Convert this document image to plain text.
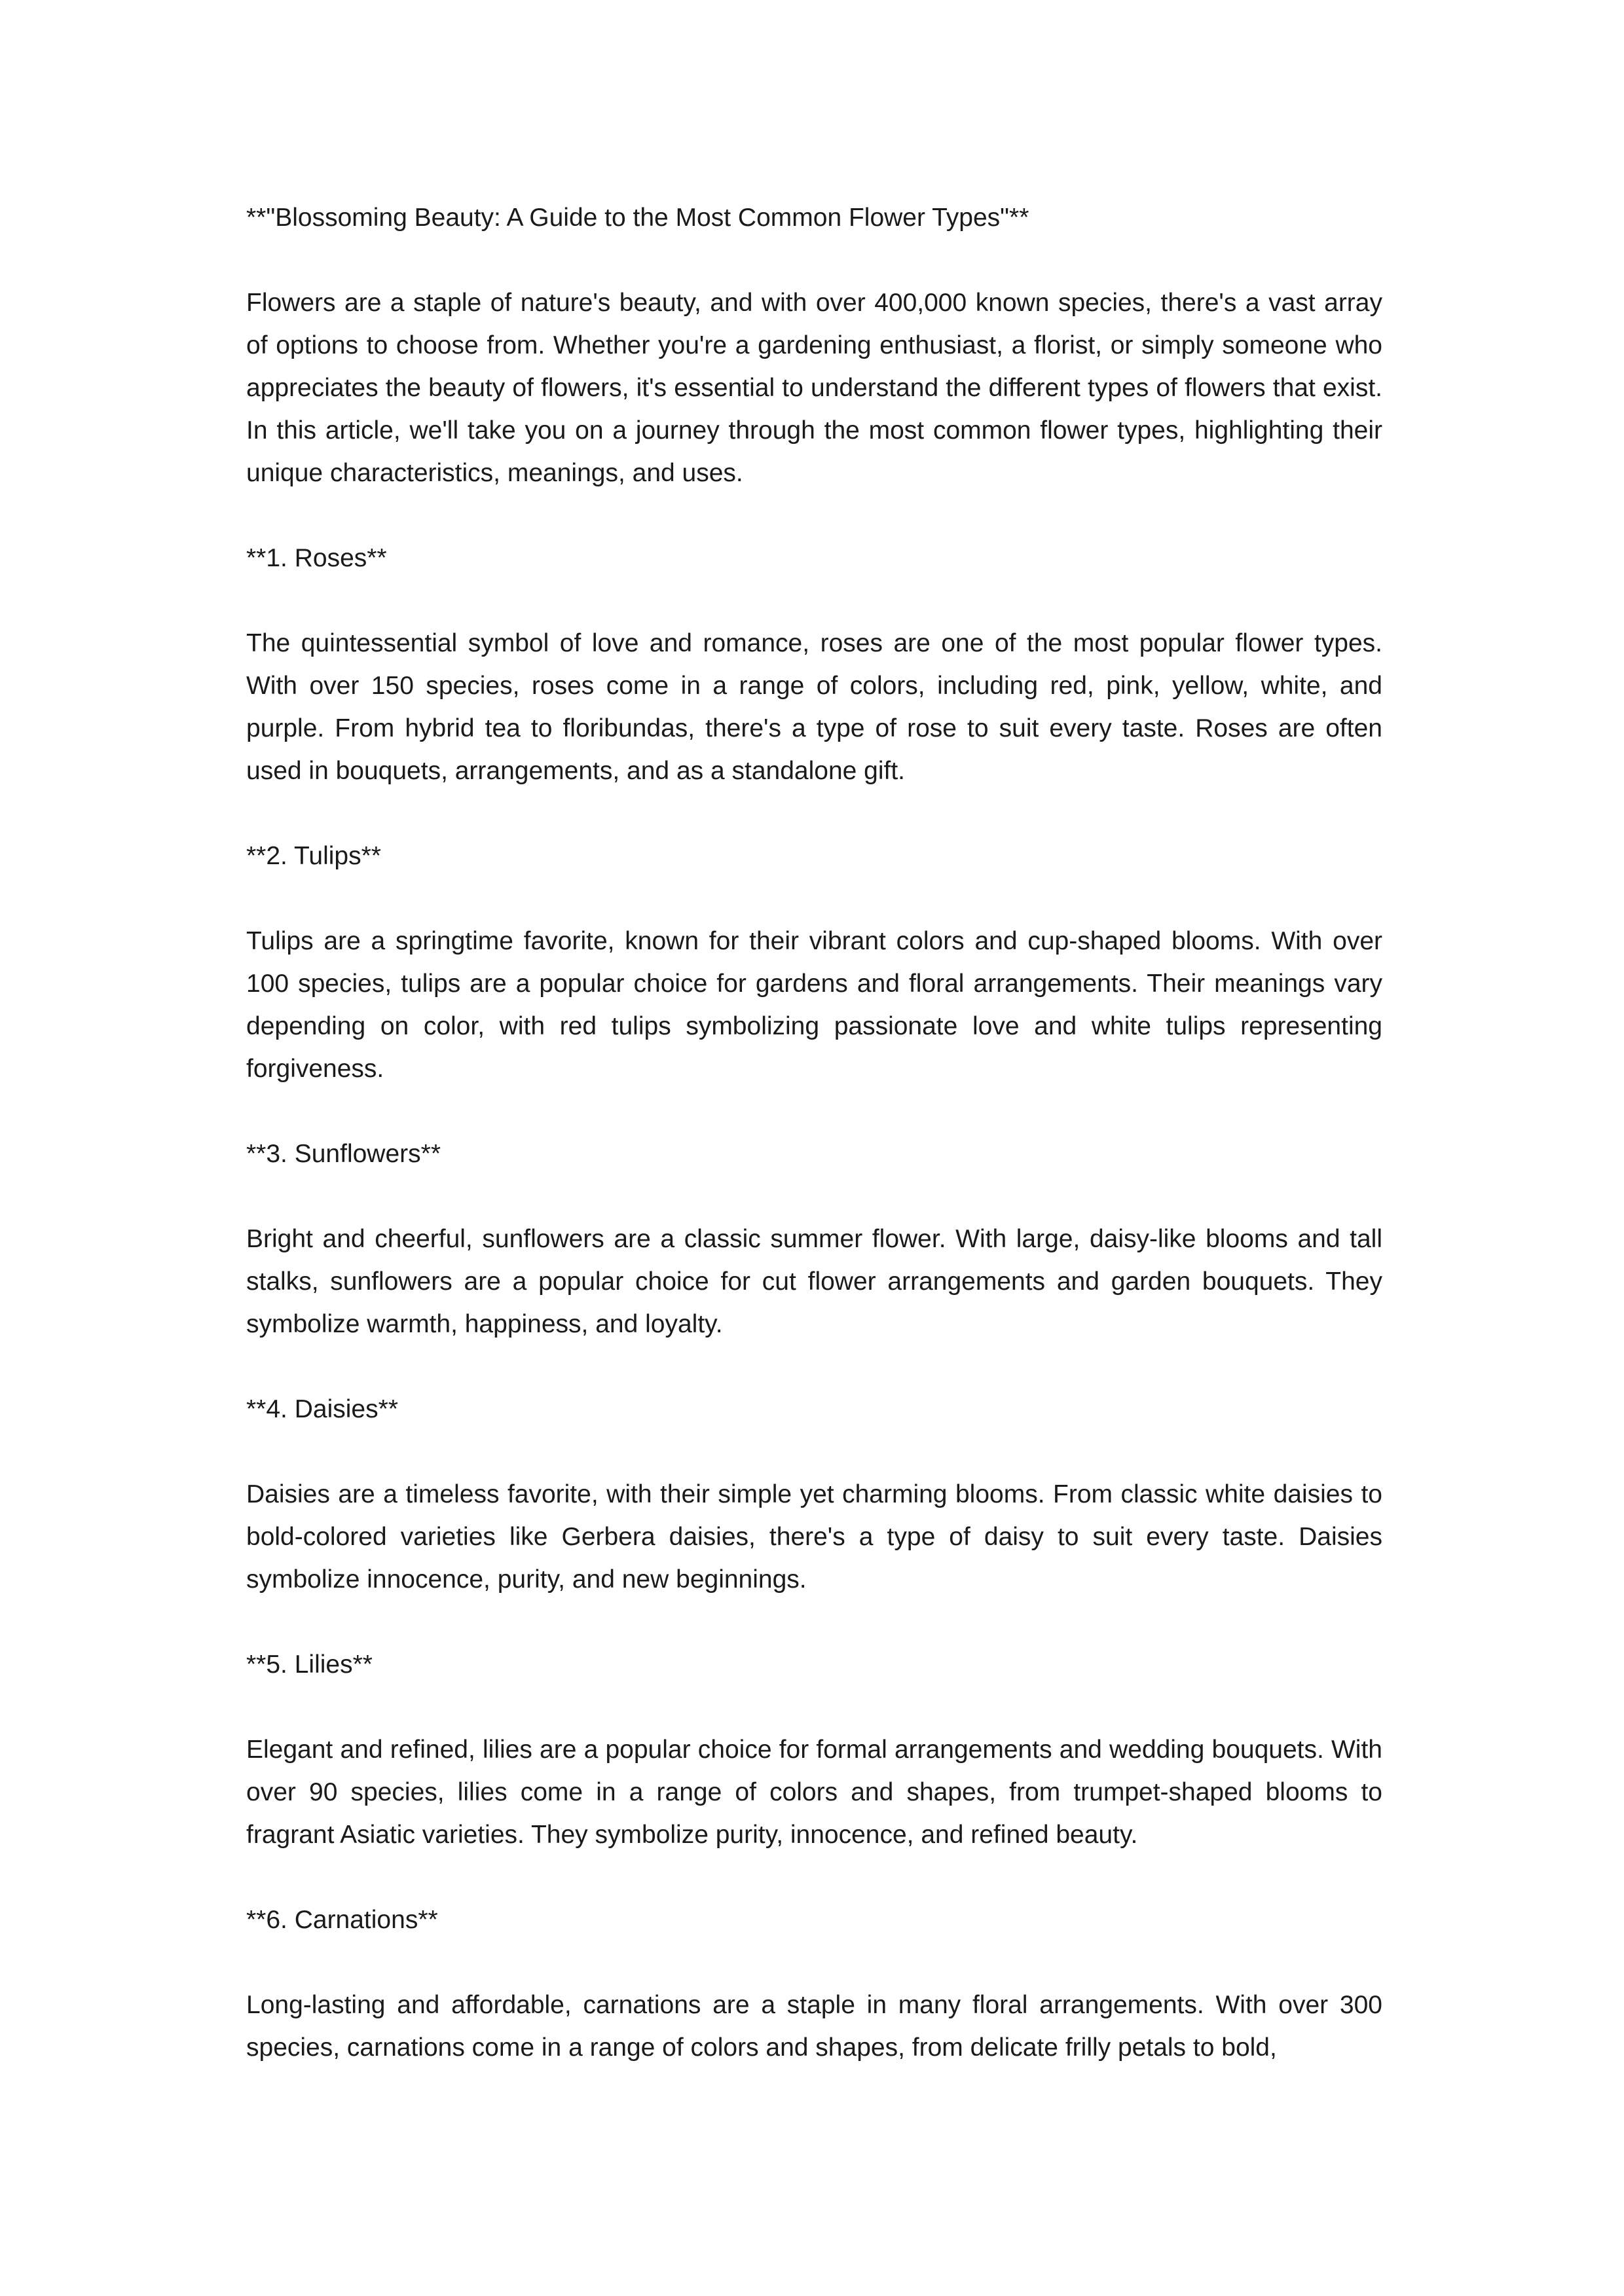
**"Blossoming Beauty: A Guide to the Most Common Flower Types"**

Flowers are a staple of nature's beauty, and with over 400,000 known species, there's a vast array of options to choose from. Whether you're a gardening enthusiast, a florist, or simply someone who appreciates the beauty of flowers, it's essential to understand the different types of flowers that exist. In this article, we'll take you on a journey through the most common flower types, highlighting their unique characteristics, meanings, and uses.

**1. Roses**

The quintessential symbol of love and romance, roses are one of the most popular flower types. With over 150 species, roses come in a range of colors, including red, pink, yellow, white, and purple. From hybrid tea to floribundas, there's a type of rose to suit every taste. Roses are often used in bouquets, arrangements, and as a standalone gift.

**2. Tulips**

Tulips are a springtime favorite, known for their vibrant colors and cup-shaped blooms. With over 100 species, tulips are a popular choice for gardens and floral arrangements. Their meanings vary depending on color, with red tulips symbolizing passionate love and white tulips representing forgiveness.

**3. Sunflowers**

Bright and cheerful, sunflowers are a classic summer flower. With large, daisy-like blooms and tall stalks, sunflowers are a popular choice for cut flower arrangements and garden bouquets. They symbolize warmth, happiness, and loyalty.

**4. Daisies**

Daisies are a timeless favorite, with their simple yet charming blooms. From classic white daisies to bold-colored varieties like Gerbera daisies, there's a type of daisy to suit every taste. Daisies symbolize innocence, purity, and new beginnings.

**5. Lilies**

Elegant and refined, lilies are a popular choice for formal arrangements and wedding bouquets. With over 90 species, lilies come in a range of colors and shapes, from trumpet-shaped blooms to fragrant Asiatic varieties. They symbolize purity, innocence, and refined beauty.

**6. Carnations**

Long-lasting and affordable, carnations are a staple in many floral arrangements. With over 300 species, carnations come in a range of colors and shapes, from delicate frilly petals to bold,
